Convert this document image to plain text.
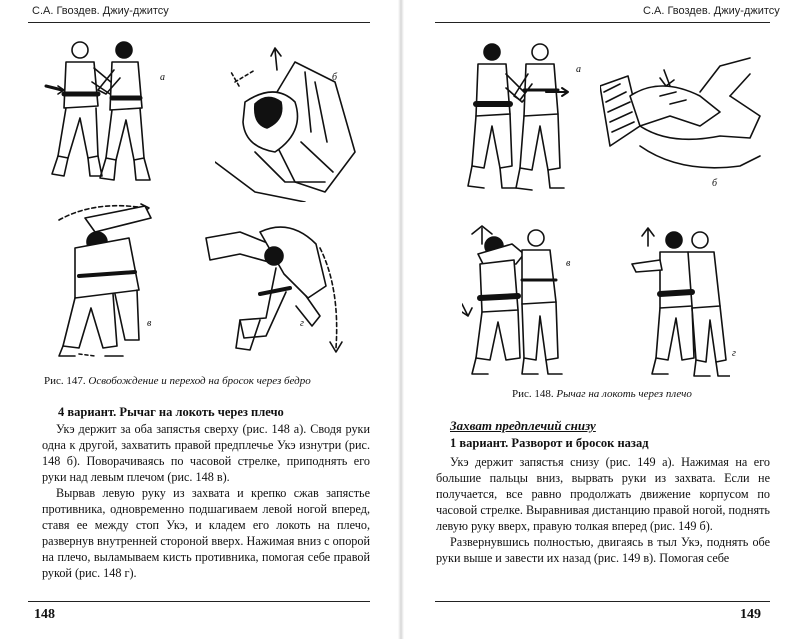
С.А. Гвоздев. Джиу-джитсу
а	б
в	г
Рис. 147. Освобождение и переход на бросок через бедро
4 вариант. Рычаг на локоть через плечо

Укэ держит за оба запястья сверху (рис. 148 а). Сводя руки одна к другой, захватить правой предплечье Укэ изнутри (рис. 148 б). Поворачиваясь по часовой стрелке, приподнять его руки над левым плечом (рис. 148 в).

Вырвав левую руку из захвата и крепко сжав запястье противника, одновременно подшагиваем левой ногой вперед, ставя ее между стоп Укэ, и кладем его локоть на плечо, развернув внутренней стороной вверх. Нажимая вниз с опорой на плечо, выламываем кисть противника, помогая себе правой рукой (рис. 148 г).

148
С.А. Гвоздев. Джиу-джитсу
а
б
в
г
Рис. 148. Рычаг на локоть через плечо
Захват предплечий снизу
1 вариант. Разворот и бросок назад

Укэ держит запястья снизу (рис. 149 а). Нажимая на его большие пальцы вниз, вырвать руки из захвата. Если не получается, все равно продолжать движение корпусом по часовой стрелке. Выравнивая дистанцию правой ногой, поднять левую руку вверх, правую толкая вперед (рис. 149 б).

Развернувшись полностью, двигаясь в тыл Укэ, поднять обе руки выше и завести их назад (рис. 149 в). Помогая себе

149
